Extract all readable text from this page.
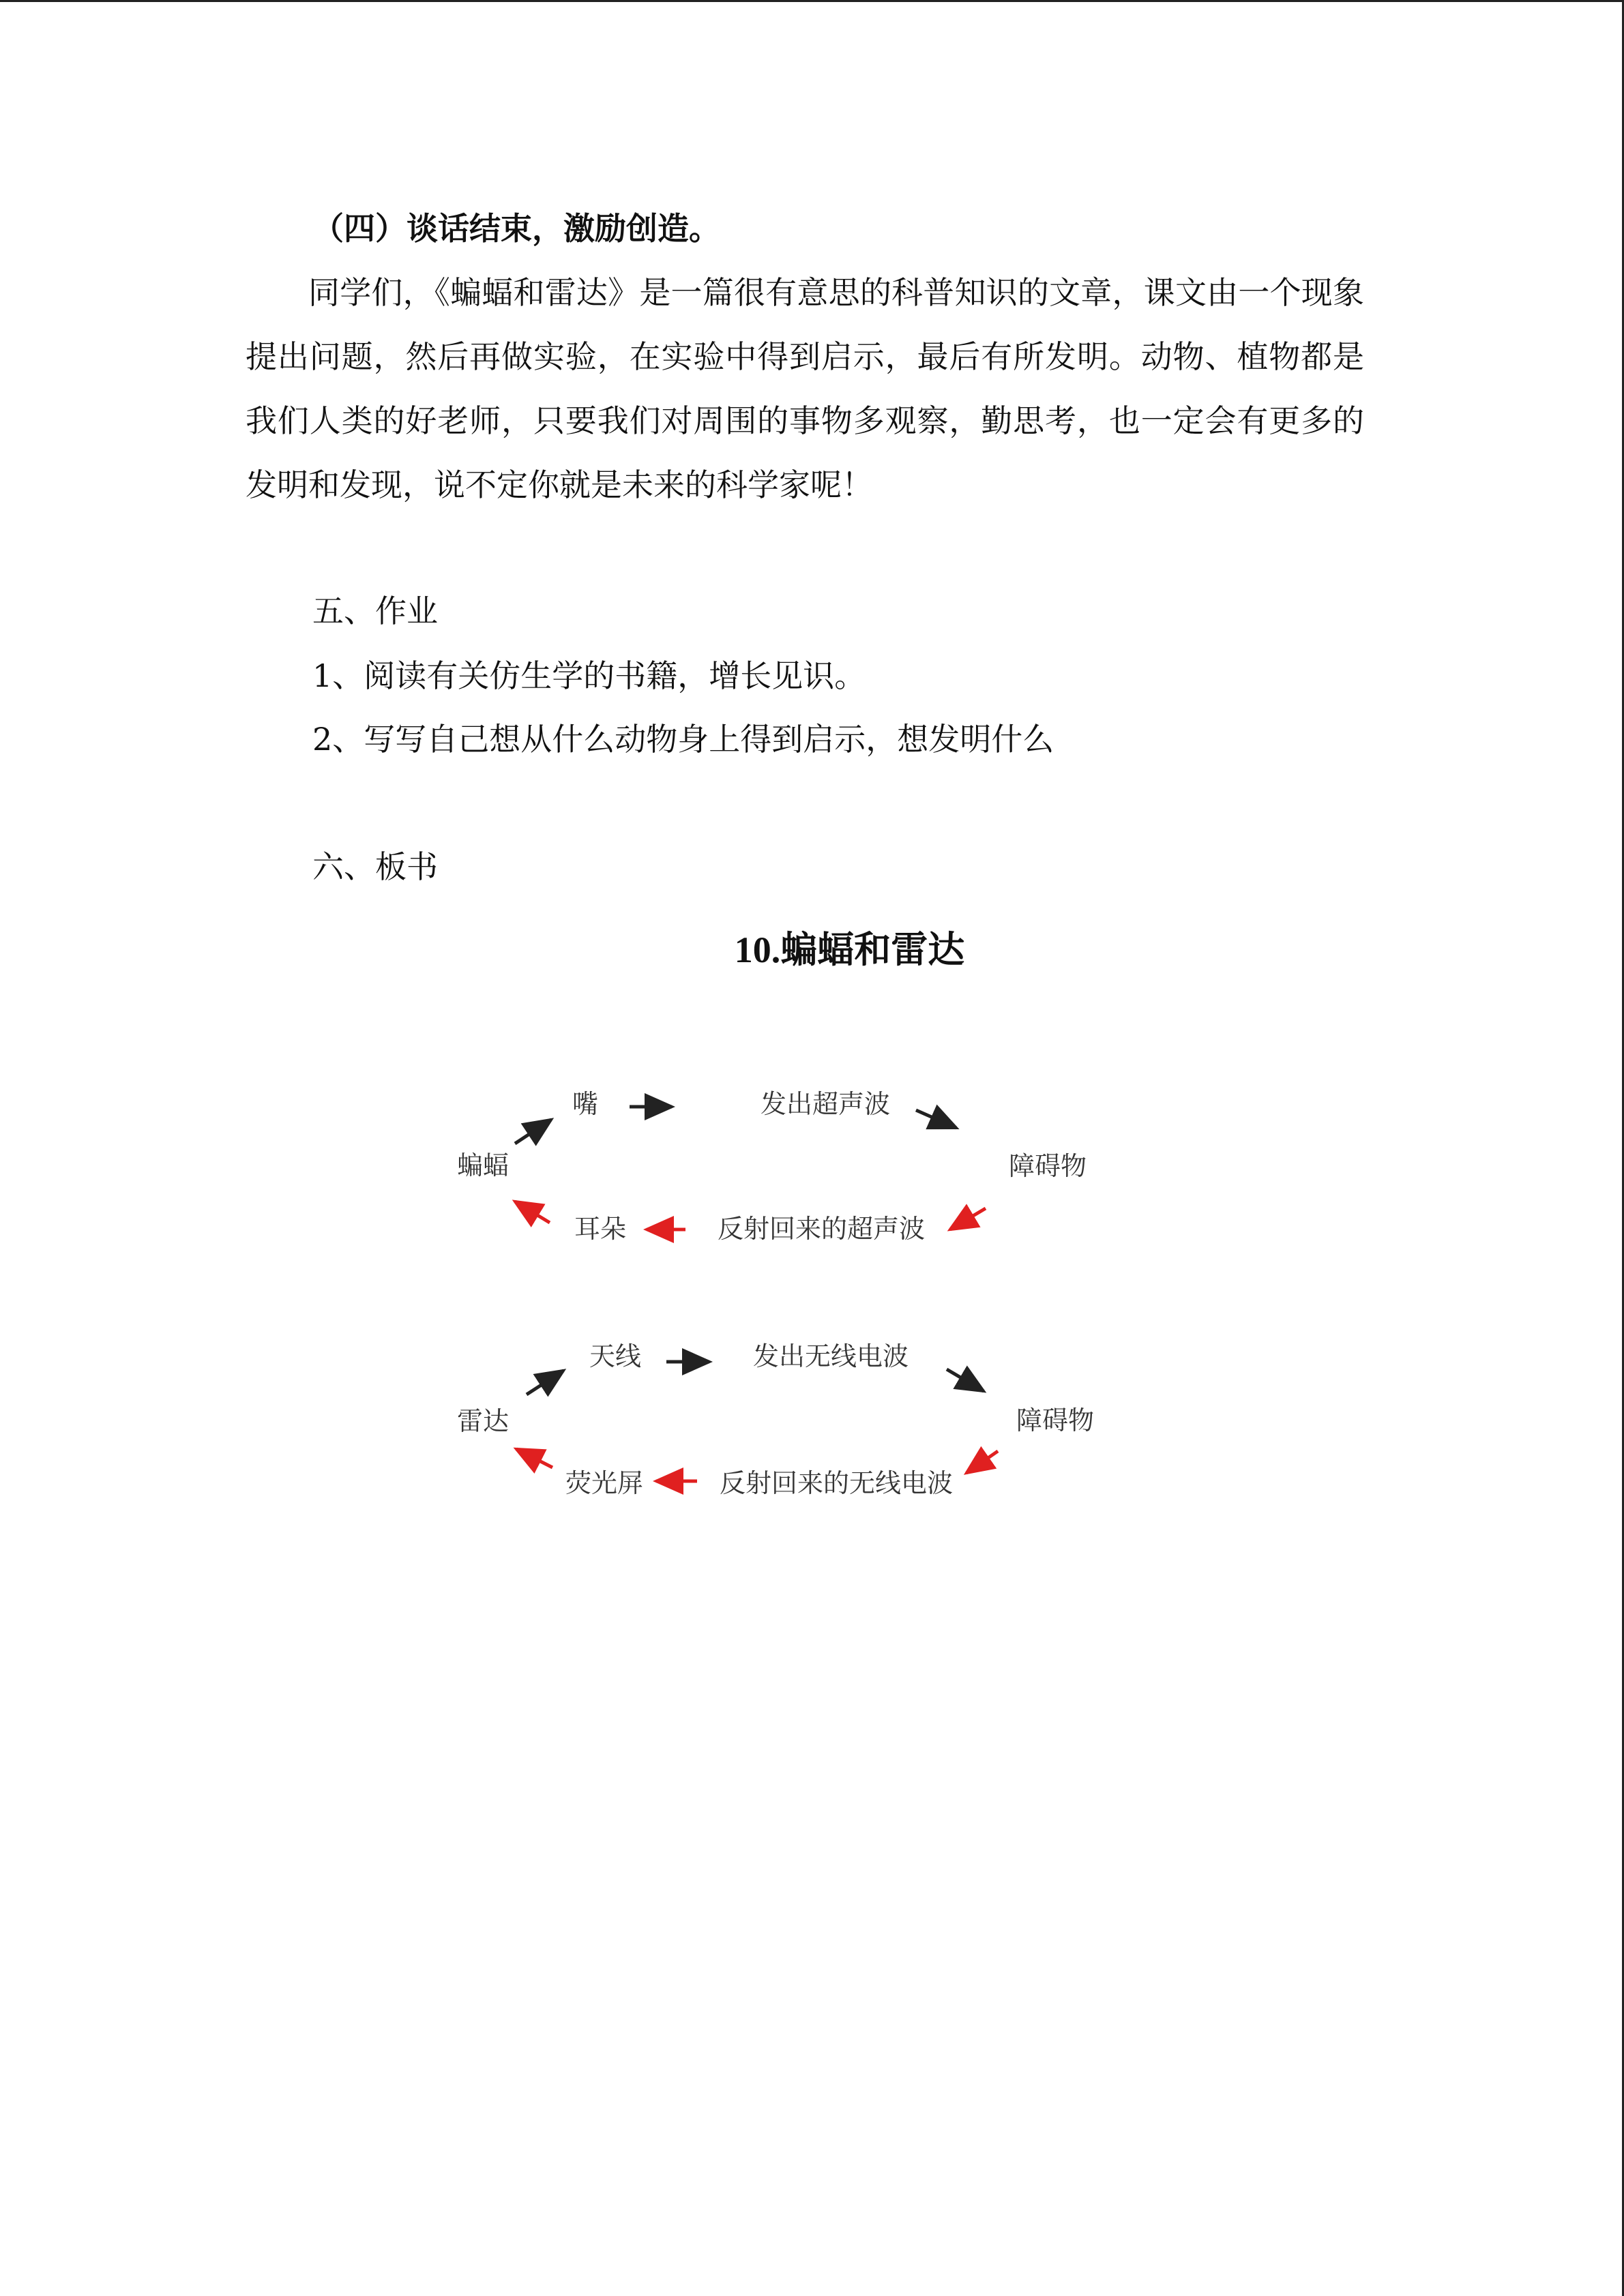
（四）谈话结束，激励创造。
同学们，《蝙蝠和雷达》是一篇很有意思的科普知识的文章，课文由一个现象提出问题，然后再做实验，在实验中得到启示，最后有所发明。动物、植物都是我们人类的好老师，只要我们对周围的事物多观察，勤思考，也一定会有更多的发明和发现，说不定你就是未来的科学家呢！
五、作业
1、阅读有关仿生学的书籍，增长见识。
2、写写自己想从什么动物身上得到启示，想发明什么
六、板书
10.蝙蝠和雷达
蝙蝠
嘴	发出超声波
障碍物
反射回来的超声波
耳朵
雷达
天线	发出无线电波
障碍物
反射回来的无线电波
荧光屏
